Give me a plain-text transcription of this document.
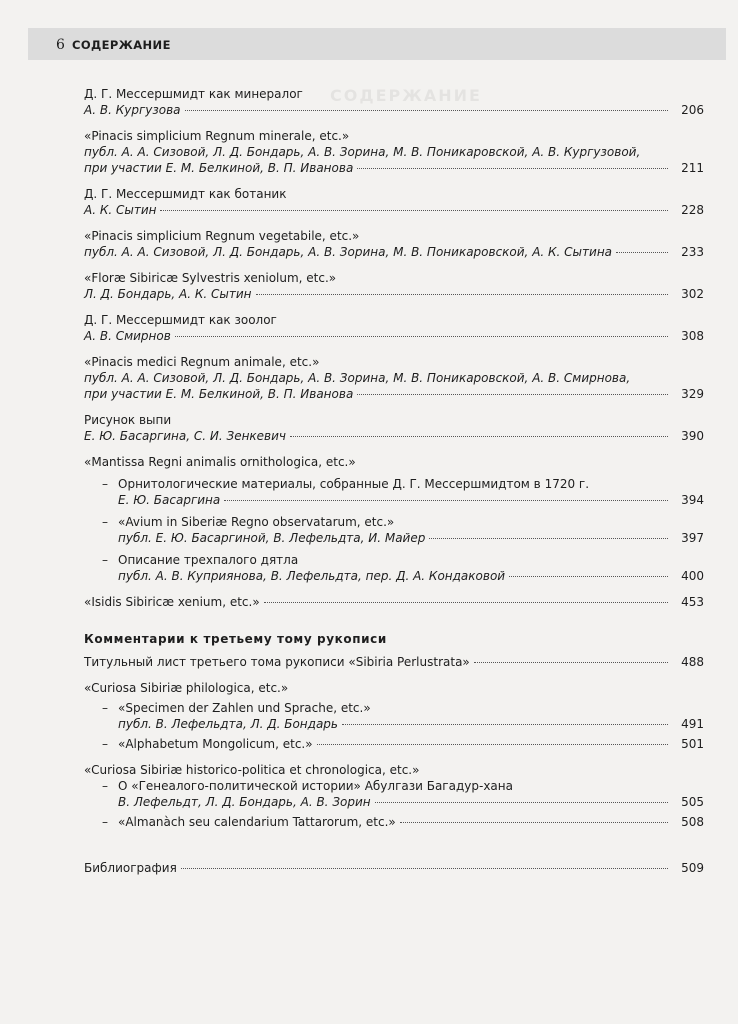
6 СОДЕРЖАНИЕ
СОДЕРЖАНИЕ
Д. Г. Мессершмидт как минералог
А. В. Кургузова	206
«Pinacis simplicium Regnum minerale, etc.»
публ. А. А. Сизовой, Л. Д. Бондарь, А. В. Зорина, М. В. Поникаровской, А. В. Кургузовой,
при участии Е. М. Белкиной, В. П. Иванова	211
Д. Г. Мессершмидт как ботаник
А. К. Сытин	228
«Pinacis simplicium Regnum vegetabile, etc.»
публ. А. А. Сизовой, Л. Д. Бондарь, А. В. Зорина, М. В. Поникаровской, А. К. Сытина	233
«Floræ Sibiricæ Sylvestris xeniolum, etc.»
Л. Д. Бондарь, А. К. Сытин	302
Д. Г. Мессершмидт как зоолог
А. В. Смирнов	308
«Pinacis medici Regnum animale, etc.»
публ. А. А. Сизовой, Л. Д. Бондарь, А. В. Зорина, М. В. Поникаровской, А. В. Смирнова,
при участии Е. М. Белкиной, В. П. Иванова	329
Рисунок выпи
Е. Ю. Басаргина, С. И. Зенкевич	390
«Mantissa Regni animalis ornithologica, etc.»
– Орнитологические материалы, собранные Д. Г. Мессершмидтом в 1720 г.
Е. Ю. Басаргина	394
– «Avium in Siberiæ Regno observatarum, etc.»
публ. Е. Ю. Басаргиной, В. Лефельдта, И. Майер	397
– Описание трехпалого дятла
публ. А. В. Куприянова, В. Лефельдта, пер. Д. А. Кондаковой	400
«Isidis Sibiricæ xenium, etc.»	453
Комментарии к третьему тому рукописи
Титульный лист третьего тома рукописи «Sibiria Perlustrata»	488
«Curiosa Sibiriæ philologica, etc.»
– «Specimen der Zahlen und Sprache, etc.»
публ. В. Лефельдта, Л. Д. Бондарь	491
– «Alphabetum Mongolicum, etc.»	501
«Curiosa Sibiriæ historico-politica et chronologica, etc.»
– О «Генеалого-политической истории» Абулгази Багадур-хана
В. Лефельдт, Л. Д. Бондарь, А. В. Зорин	505
– «Almanàch seu calendarium Tattarorum, etc.»	508
Библиография	509
